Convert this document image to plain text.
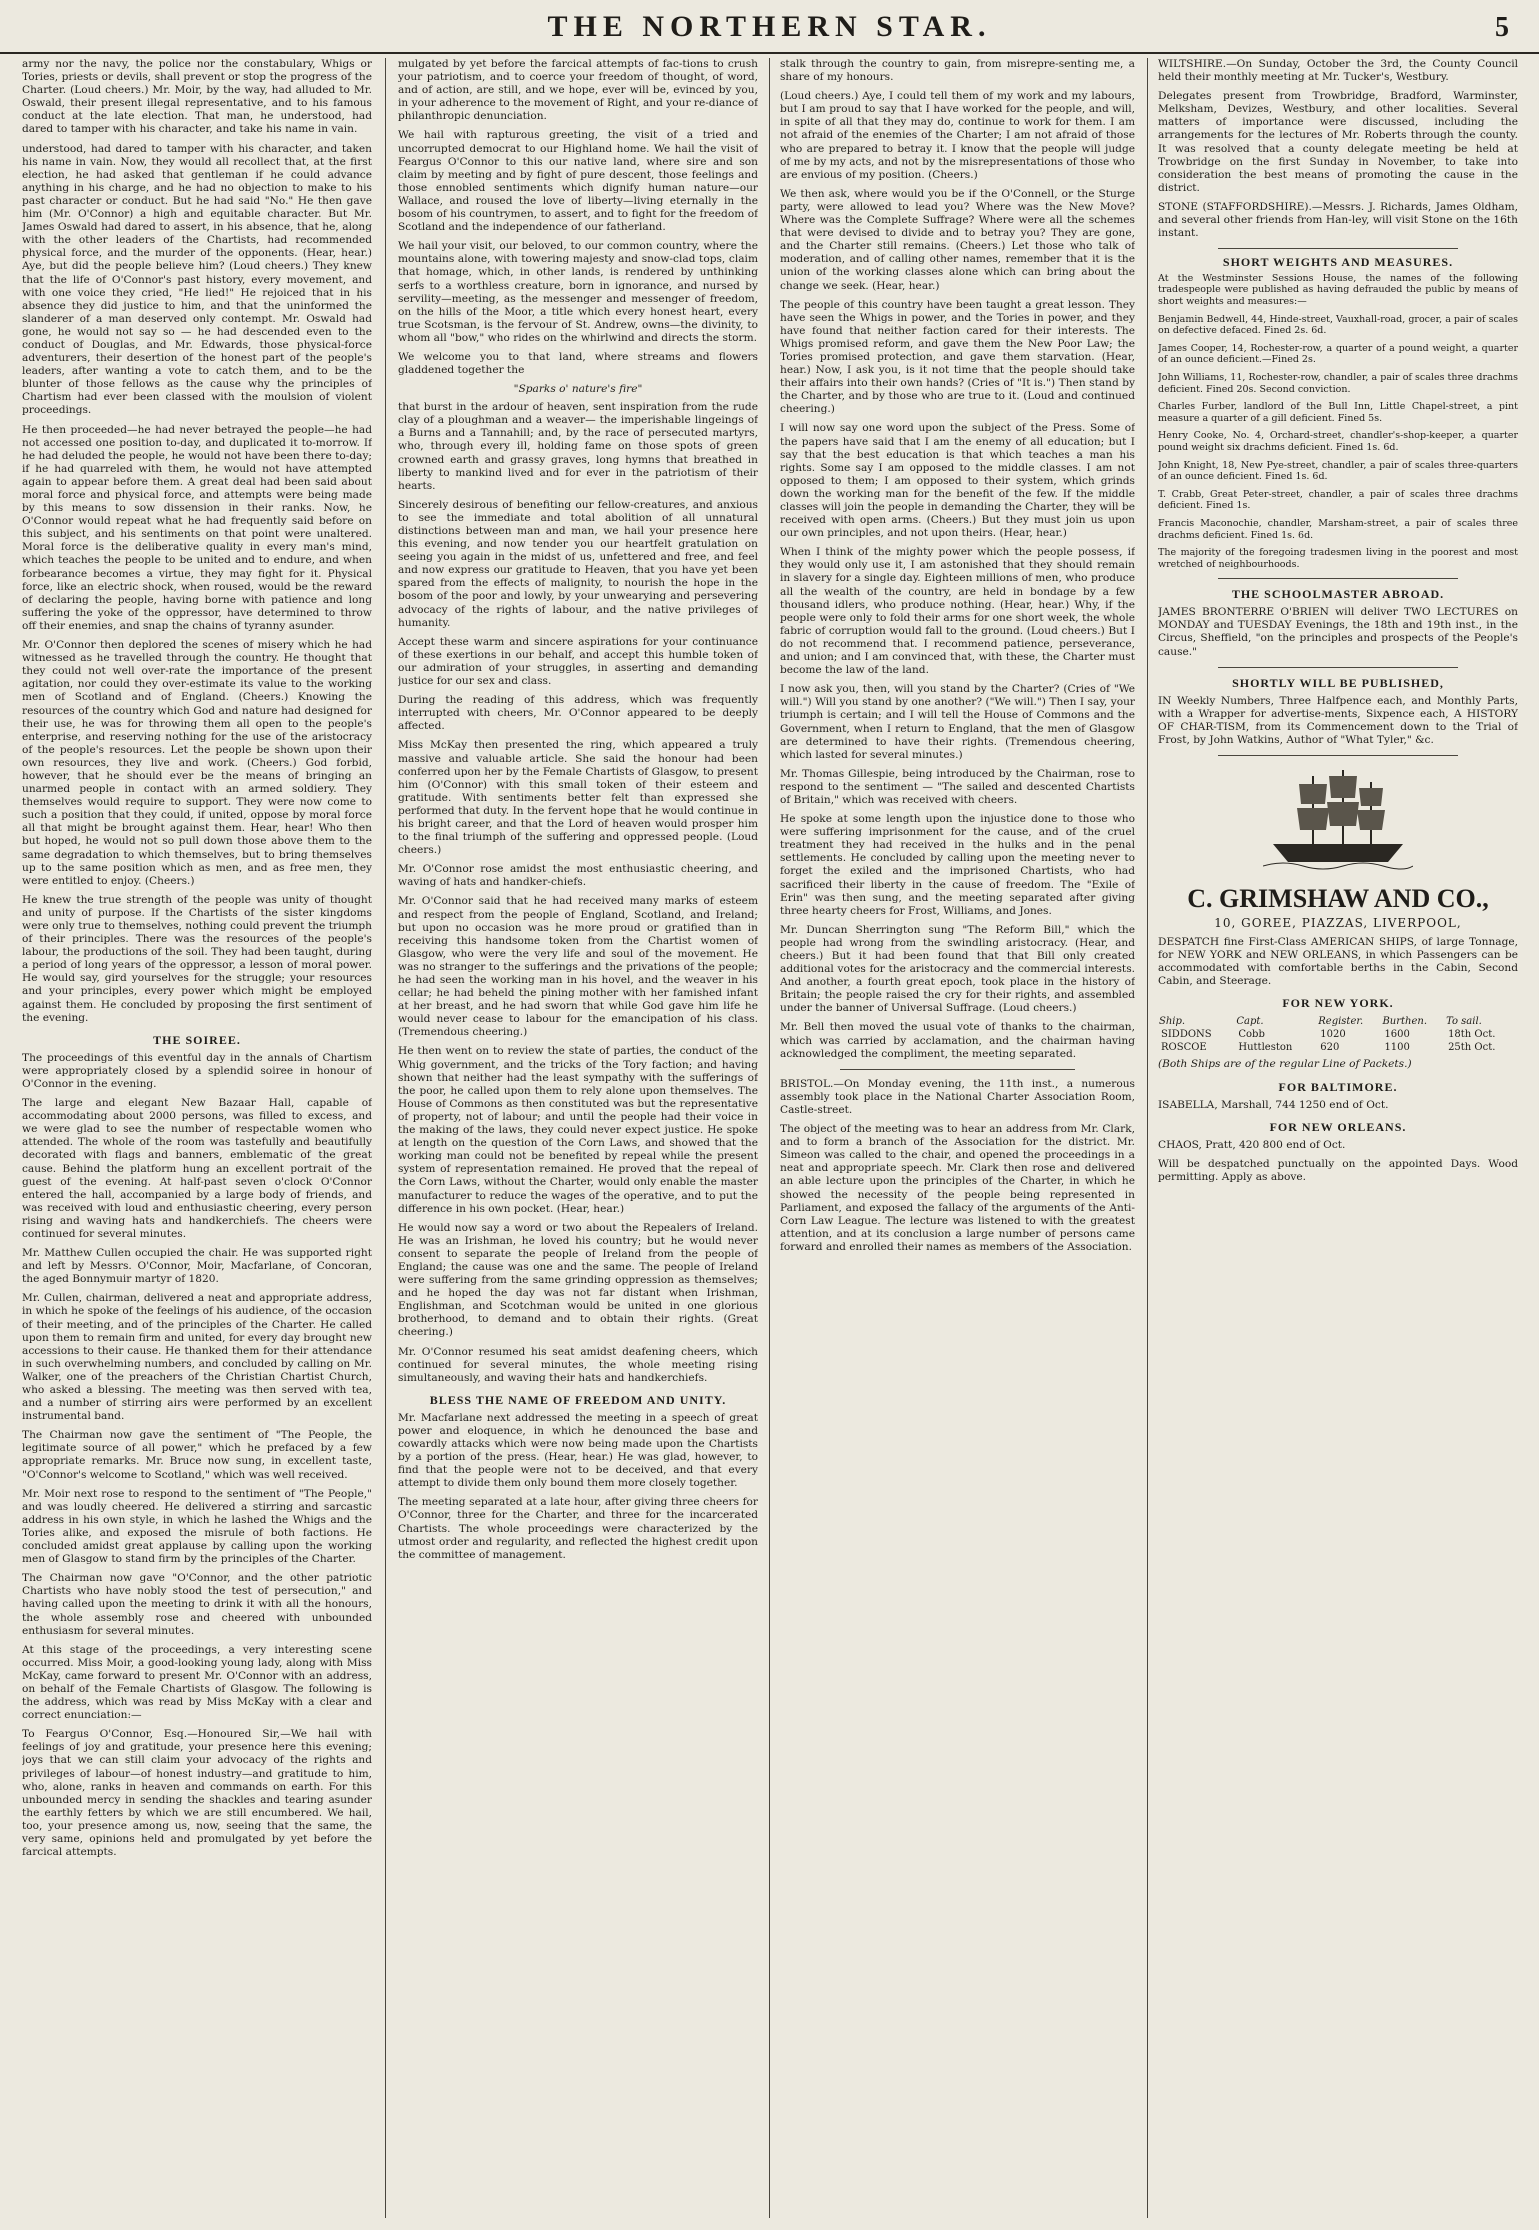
THE NORTHERN STAR.	5

army nor the navy, the police nor the constabulary, Whigs or Tories, priests or devils, shall prevent or stop the progress of the Charter. (Loud cheers.) Mr. Moir, by the way, had alluded to Mr. Oswald, their present illegal representative, and to his famous conduct at the late election. That man, he understood, had dared to tamper with his character, and take his name in vain.

understood, had dared to tamper with his character, and taken his name in vain. Now, they would all recollect that, at the first election, he had asked that gentleman if he could advance anything in his charge, and he had no objection to make to his past character or conduct. But he had said "No." He then gave him (Mr. O'Connor) a high and equitable character. But Mr. James Oswald had dared to assert, in his absence, that he, along with the other leaders of the Chartists, had recommended physical force, and the murder of the opponents. (Hear, hear.) Aye, but did the people believe him? (Loud cheers.) They knew that the life of O'Connor's past history, every movement, and with one voice they cried, "He lied!" He rejoiced that in his absence they did justice to him, and that the uninformed the slanderer of a man deserved only contempt. Mr. Oswald had gone, he would not say so — he had descended even to the conduct of Douglas, and Mr. Edwards, those physical-force adventurers, their desertion of the honest part of the people's leaders, after wanting a vote to catch them, and to be the blunter of those fellows as the cause why the principles of Chartism had ever been classed with the moulsion of violent proceedings.

He then proceeded—he had never betrayed the people—he had not accessed one position to-day, and duplicated it to-morrow. If he had deluded the people, he would not have been there to-day; if he had quarreled with them, he would not have attempted again to appear before them. A great deal had been said about moral force and physical force, and attempts were being made by this means to sow dissension in their ranks. Now, he O'Connor would repeat what he had frequently said before on this subject, and his sentiments on that point were unaltered. Moral force is the deliberative quality in every man's mind, which teaches the people to be united and to endure, and when forbearance becomes a virtue, they may fight for it. Physical force, like an electric shock, when roused, would be the reward of declaring the people, having borne with patience and long suffering the yoke of the oppressor, have determined to throw off their enemies, and snap the chains of tyranny asunder.

Mr. O'Connor then deplored the scenes of misery which he had witnessed as he travelled through the country. He thought that they could not well over-rate the importance of the present agitation, nor could they over-estimate its value to the working men of Scotland and of England. (Cheers.) Knowing the resources of the country which God and nature had designed for their use, he was for throwing them all open to the people's enterprise, and reserving nothing for the use of the aristocracy of the people's resources. Let the people be shown upon their own resources, they live and work. (Cheers.) God forbid, however, that he should ever be the means of bringing an unarmed people in contact with an armed soldiery. They themselves would require to support. They were now come to such a position that they could, if united, oppose by moral force all that might be brought against them. Hear, hear! Who then but hoped, he would not so pull down those above them to the same degradation to which themselves, but to bring themselves up to the same position which as men, and as free men, they were entitled to enjoy. (Cheers.)

He knew the true strength of the people was unity of thought and unity of purpose. If the Chartists of the sister kingdoms were only true to themselves, nothing could prevent the triumph of their principles. There was the resources of the people's labour, the productions of the soil. They had been taught, during a period of long years of the oppressor, a lesson of moral power. He would say, gird yourselves for the struggle; your resources and your principles, every power which might be employed against them. He concluded by proposing the first sentiment of the evening.

THE SOIREE.

The proceedings of this eventful day in the annals of Chartism were appropriately closed by a splendid soiree in honour of O'Connor in the evening.

The large and elegant New Bazaar Hall, capable of accommodating about 2000 persons, was filled to excess, and we were glad to see the number of respectable women who attended. The whole of the room was tastefully and beautifully decorated with flags and banners, emblematic of the great cause. Behind the platform hung an excellent portrait of the guest of the evening. At half-past seven o'clock O'Connor entered the hall, accompanied by a large body of friends, and was received with loud and enthusiastic cheering, every person rising and waving hats and handkerchiefs. The cheers were continued for several minutes.

Mr. Matthew Cullen occupied the chair. He was supported right and left by Messrs. O'Connor, Moir, Macfarlane, of Concoran, the aged Bonnymuir martyr of 1820.

Mr. Cullen, chairman, delivered a neat and appropriate address, in which he spoke of the feelings of his audience, of the occasion of their meeting, and of the principles of the Charter. He called upon them to remain firm and united, for every day brought new accessions to their cause. He thanked them for their attendance in such overwhelming numbers, and concluded by calling on Mr. Walker, one of the preachers of the Christian Chartist Church, who asked a blessing. The meeting was then served with tea, and a number of stirring airs were performed by an excellent instrumental band.

The Chairman now gave the sentiment of "The People, the legitimate source of all power," which he prefaced by a few appropriate remarks. Mr. Bruce now sung, in excellent taste, "O'Connor's welcome to Scotland," which was well received.

Mr. Moir next rose to respond to the sentiment of "The People," and was loudly cheered. He delivered a stirring and sarcastic address in his own style, in which he lashed the Whigs and the Tories alike, and exposed the misrule of both factions. He concluded amidst great applause by calling upon the working men of Glasgow to stand firm by the principles of the Charter.

The Chairman now gave "O'Connor, and the other patriotic Chartists who have nobly stood the test of persecution," and having called upon the meeting to drink it with all the honours, the whole assembly rose and cheered with unbounded enthusiasm for several minutes.

At this stage of the proceedings, a very interesting scene occurred. Miss Moir, a good-looking young lady, along with Miss McKay, came forward to present Mr. O'Connor with an address, on behalf of the Female Chartists of Glasgow. The following is the address, which was read by Miss McKay with a clear and correct enunciation:—

To Feargus O'Connor, Esq.—Honoured Sir,—We hail with feelings of joy and gratitude, your presence here this evening; joys that we can still claim your advocacy of the rights and privileges of labour—of honest industry—and gratitude to him, who, alone, ranks in heaven and commands on earth. For this unbounded mercy in sending the shackles and tearing asunder the earthly fetters by which we are still encumbered. We hail, too, your presence among us, now, seeing that the same, the very same, opinions held and promulgated by yet before the farcical attempts.

mulgated by yet before the farcical attempts of fac-tions to crush your patriotism, and to coerce your freedom of thought, of word, and of action, are still, and we hope, ever will be, evinced by you, in your adherence to the movement of Right, and your re-diance of philanthropic denunciation.

We hail with rapturous greeting, the visit of a tried and uncorrupted democrat to our Highland home. We hail the visit of Feargus O'Connor to this our native land, where sire and son claim by meeting and by fight of pure descent, those feelings and those ennobled sentiments which dignify human nature—our Wallace, and roused the love of liberty—living eternally in the bosom of his countrymen, to assert, and to fight for the freedom of Scotland and the independence of our fatherland.

We hail your visit, our beloved, to our common country, where the mountains alone, with towering majesty and snow-clad tops, claim that homage, which, in other lands, is rendered by unthinking serfs to a worthless creature, born in ignorance, and nursed by servility—meeting, as the messenger and messenger of freedom, on the hills of the Moor, a title which every honest heart, every true Scotsman, is the fervour of St. Andrew, owns—the divinity, to whom all "bow," who rides on the whirlwind and directs the storm.

We welcome you to that land, where streams and flowers gladdened together the

"Sparks o' nature's fire"

that burst in the ardour of heaven, sent inspiration from the rude clay of a ploughman and a weaver— the imperishable lingeings of a Burns and a Tannahill; and, by the race of persecuted martyrs, who, through every ill, holding fame on those spots of green crowned earth and grassy graves, long hymns that breathed in liberty to mankind lived and for ever in the patriotism of their hearts.

Sincerely desirous of benefiting our fellow-creatures, and anxious to see the immediate and total abolition of all unnatural distinctions between man and man, we hail your presence here this evening, and now tender you our heartfelt gratulation on seeing you again in the midst of us, unfettered and free, and feel and now express our gratitude to Heaven, that you have yet been spared from the effects of malignity, to nourish the hope in the bosom of the poor and lowly, by your unwearying and persevering advocacy of the rights of labour, and the native privileges of humanity.

Accept these warm and sincere aspirations for your continuance of these exertions in our behalf, and accept this humble token of our admiration of your struggles, in asserting and demanding justice for our sex and class.

During the reading of this address, which was frequently interrupted with cheers, Mr. O'Connor appeared to be deeply affected.

Miss McKay then presented the ring, which appeared a truly massive and valuable article. She said the honour had been conferred upon her by the Female Chartists of Glasgow, to present him (O'Connor) with this small token of their esteem and gratitude. With sentiments better felt than expressed she performed that duty. In the fervent hope that he would continue in his bright career, and that the Lord of heaven would prosper him to the final triumph of the suffering and oppressed people. (Loud cheers.)

Mr. O'Connor rose amidst the most enthusiastic cheering, and waving of hats and handker-chiefs.

Mr. O'Connor said that he had received many marks of esteem and respect from the people of England, Scotland, and Ireland; but upon no occasion was he more proud or gratified than in receiving this handsome token from the Chartist women of Glasgow, who were the very life and soul of the movement. He was no stranger to the sufferings and the privations of the people; he had seen the working man in his hovel, and the weaver in his cellar; he had beheld the pining mother with her famished infant at her breast, and he had sworn that while God gave him life he would never cease to labour for the emancipation of his class. (Tremendous cheering.)

He then went on to review the state of parties, the conduct of the Whig government, and the tricks of the Tory faction; and having shown that neither had the least sympathy with the sufferings of the poor, he called upon them to rely alone upon themselves. The House of Commons as then constituted was but the representative of property, not of labour; and until the people had their voice in the making of the laws, they could never expect justice. He spoke at length on the question of the Corn Laws, and showed that the working man could not be benefited by repeal while the present system of representation remained. He proved that the repeal of the Corn Laws, without the Charter, would only enable the master manufacturer to reduce the wages of the operative, and to put the difference in his own pocket. (Hear, hear.)

He would now say a word or two about the Repealers of Ireland. He was an Irishman, he loved his country; but he would never consent to separate the people of Ireland from the people of England; the cause was one and the same. The people of Ireland were suffering from the same grinding oppression as themselves; and he hoped the day was not far distant when Irishman, Englishman, and Scotchman would be united in one glorious brotherhood, to demand and to obtain their rights. (Great cheering.)

Mr. O'Connor resumed his seat amidst deafening cheers, which continued for several minutes, the whole meeting rising simultaneously, and waving their hats and handkerchiefs.

BLESS THE NAME OF FREEDOM AND UNITY.

Mr. Macfarlane next addressed the meeting in a speech of great power and eloquence, in which he denounced the base and cowardly attacks which were now being made upon the Chartists by a portion of the press. (Hear, hear.) He was glad, however, to find that the people were not to be deceived, and that every attempt to divide them only bound them more closely together.

The meeting separated at a late hour, after giving three cheers for O'Connor, three for the Charter, and three for the incarcerated Chartists. The whole proceedings were characterized by the utmost order and regularity, and reflected the highest credit upon the committee of management.

stalk through the country to gain, from misrepre-senting me, a share of my honours.

(Loud cheers.) Aye, I could tell them of my work and my labours, but I am proud to say that I have worked for the people, and will, in spite of all that they may do, continue to work for them. I am not afraid of the enemies of the Charter; I am not afraid of those who are prepared to betray it. I know that the people will judge of me by my acts, and not by the misrepresentations of those who are envious of my position. (Cheers.)

We then ask, where would you be if the O'Connell, or the Sturge party, were allowed to lead you? Where was the New Move? Where was the Complete Suffrage? Where were all the schemes that were devised to divide and to betray you? They are gone, and the Charter still remains. (Cheers.) Let those who talk of moderation, and of calling other names, remember that it is the union of the working classes alone which can bring about the change we seek. (Hear, hear.)

The people of this country have been taught a great lesson. They have seen the Whigs in power, and the Tories in power, and they have found that neither faction cared for their interests. The Whigs promised reform, and gave them the New Poor Law; the Tories promised protection, and gave them starvation. (Hear, hear.) Now, I ask you, is it not time that the people should take their affairs into their own hands? (Cries of "It is.") Then stand by the Charter, and by those who are true to it. (Loud and continued cheering.)

I will now say one word upon the subject of the Press. Some of the papers have said that I am the enemy of all education; but I say that the best education is that which teaches a man his rights. Some say I am opposed to the middle classes. I am not opposed to them; I am opposed to their system, which grinds down the working man for the benefit of the few. If the middle classes will join the people in demanding the Charter, they will be received with open arms. (Cheers.) But they must join us upon our own principles, and not upon theirs. (Hear, hear.)

When I think of the mighty power which the people possess, if they would only use it, I am astonished that they should remain in slavery for a single day. Eighteen millions of men, who produce all the wealth of the country, are held in bondage by a few thousand idlers, who produce nothing. (Hear, hear.) Why, if the people were only to fold their arms for one short week, the whole fabric of corruption would fall to the ground. (Loud cheers.) But I do not recommend that. I recommend patience, perseverance, and union; and I am convinced that, with these, the Charter must become the law of the land.

I now ask you, then, will you stand by the Charter? (Cries of "We will.") Will you stand by one another? ("We will.") Then I say, your triumph is certain; and I will tell the House of Commons and the Government, when I return to England, that the men of Glasgow are determined to have their rights. (Tremendous cheering, which lasted for several minutes.)

Mr. Thomas Gillespie, being introduced by the Chairman, rose to respond to the sentiment — "The sailed and descented Chartists of Britain," which was received with cheers.

He spoke at some length upon the injustice done to those who were suffering imprisonment for the cause, and of the cruel treatment they had received in the hulks and in the penal settlements. He concluded by calling upon the meeting never to forget the exiled and the imprisoned Chartists, who had sacrificed their liberty in the cause of freedom. The "Exile of Erin" was then sung, and the meeting separated after giving three hearty cheers for Frost, Williams, and Jones.

Mr. Duncan Sherrington sung "The Reform Bill," which the people had wrong from the swindling aristocracy. (Hear, and cheers.) But it had been found that that Bill only created additional votes for the aristocracy and the commercial interests. And another, a fourth great epoch, took place in the history of Britain; the people raised the cry for their rights, and assembled under the banner of Universal Suffrage. (Loud cheers.)

Mr. Bell then moved the usual vote of thanks to the chairman, which was carried by acclamation, and the chairman having acknowledged the compliment, the meeting separated.

BRISTOL.—On Monday evening, the 11th inst., a numerous assembly took place in the National Charter Association Room, Castle-street.

The object of the meeting was to hear an address from Mr. Clark, and to form a branch of the Association for the district. Mr. Simeon was called to the chair, and opened the proceedings in a neat and appropriate speech. Mr. Clark then rose and delivered an able lecture upon the principles of the Charter, in which he showed the necessity of the people being represented in Parliament, and exposed the fallacy of the arguments of the Anti-Corn Law League. The lecture was listened to with the greatest attention, and at its conclusion a large number of persons came forward and enrolled their names as members of the Association.

WILTSHIRE.—On Sunday, October the 3rd, the County Council held their monthly meeting at Mr. Tucker's, Westbury.

Delegates present from Trowbridge, Bradford, Warminster, Melksham, Devizes, Westbury, and other localities. Several matters of importance were discussed, including the arrangements for the lectures of Mr. Roberts through the county. It was resolved that a county delegate meeting be held at Trowbridge on the first Sunday in November, to take into consideration the best means of promoting the cause in the district.

STONE (STAFFORDSHIRE).—Messrs. J. Richards, James Oldham, and several other friends from Han-ley, will visit Stone on the 16th instant.

SHORT WEIGHTS AND MEASURES.

At the Westminster Sessions House, the names of the following tradespeople were published as having defrauded the public by means of short weights and measures:—

Benjamin Bedwell, 44, Hinde-street, Vauxhall-road, grocer, a pair of scales on defective defaced. Fined 2s. 6d.

James Cooper, 14, Rochester-row, a quarter of a pound weight, a quarter of an ounce deficient.—Fined 2s.

John Williams, 11, Rochester-row, chandler, a pair of scales three drachms deficient. Fined 20s. Second conviction.

Charles Furber, landlord of the Bull Inn, Little Chapel-street, a pint measure a quarter of a gill deficient. Fined 5s.

Henry Cooke, No. 4, Orchard-street, chandler's-shop-keeper, a quarter pound weight six drachms deficient. Fined 1s. 6d.

John Knight, 18, New Pye-street, chandler, a pair of scales three-quarters of an ounce deficient. Fined 1s. 6d.

T. Crabb, Great Peter-street, chandler, a pair of scales three drachms deficient. Fined 1s.

Francis Maconochie, chandler, Marsham-street, a pair of scales three drachms deficient. Fined 1s. 6d.

The majority of the foregoing tradesmen living in the poorest and most wretched of neighbourhoods.

THE SCHOOLMASTER ABROAD.

JAMES BRONTERRE O'BRIEN will deliver TWO LECTURES on MONDAY and TUESDAY Evenings, the 18th and 19th inst., in the Circus, Sheffield, "on the principles and prospects of the People's cause."

SHORTLY WILL BE PUBLISHED,

IN Weekly Numbers, Three Halfpence each, and Monthly Parts, with a Wrapper for advertise-ments, Sixpence each, A HISTORY OF CHAR-TISM, from its Commencement down to the Trial of Frost, by John Watkins, Author of "What Tyler," &c.

C. GRIMSHAW AND CO.,
10, GOREE, PIAZZAS, LIVERPOOL,

DESPATCH fine First-Class AMERICAN SHIPS, of large Tonnage, for NEW YORK and NEW ORLEANS, in which Passengers can be accommodated with comfortable berths in the Cabin, Second Cabin, and Steerage.

FOR NEW YORK.
Ship.	Capt.	Register.	Burthen.	To sail.
SIDDONS	Cobb	1020	1600	18th Oct.
ROSCOE	Huttleston	620	1100	25th Oct.

(Both Ships are of the regular Line of Packets.)

FOR BALTIMORE.

ISABELLA, Marshall, 744 1250 end of Oct.

FOR NEW ORLEANS.

CHAOS, Pratt, 420 800 end of Oct.

Will be despatched punctually on the appointed Days. Wood permitting. Apply as above.
